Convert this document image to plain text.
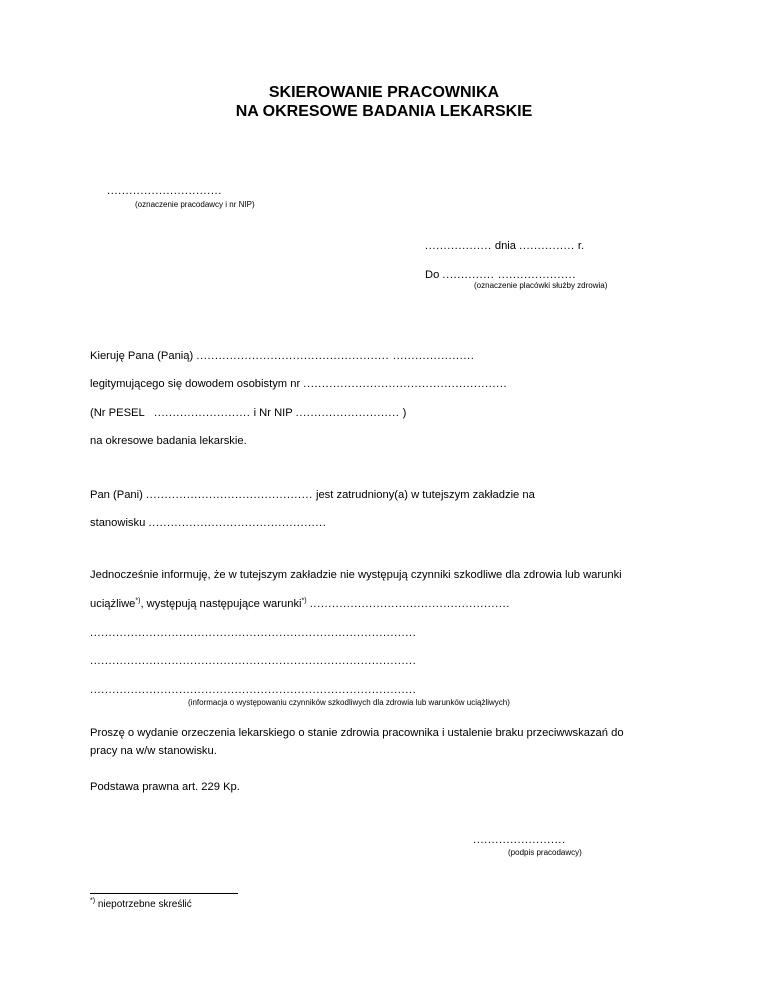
SKIEROWANIE PRACOWNIKA
NA OKRESOWE BADANIA LEKARSKIE
...............................
(oznaczenie pracodawcy i nr NIP)
.................. dnia ............... r.
Do .............. .....................
(oznaczenie placówki służby zdrowia)
Kieruję Pana (Panią) .................................................... ......................
legitymującego się dowodem osobistym nr .......................................................
(Nr PESEL .......................... i Nr NIP ............................ )
na okresowe badania lekarskie.
Pan (Pani) ............................................. jest zatrudniony(a) w tutejszym zakładzie na
stanowisku ................................................
Jednocześnie informuję, że w tutejszym zakładzie nie występują czynniki szkodliwe dla zdrowia lub warunki
uciążliwe*), występują następujące warunki*) ......................................................
........................................................................................
........................................................................................
........................................................................................
(informacja o występowaniu czynników szkodliwych dla zdrowia lub warunków uciążliwych)
Proszę o wydanie orzeczenia lekarskiego o stanie zdrowia pracownika i ustalenie braku przeciwwskazań do
pracy na w/w stanowisku.
Podstawa prawna art. 229 Kp.
.........................
(podpis pracodawcy)
*) niepotrzebne skreślić
